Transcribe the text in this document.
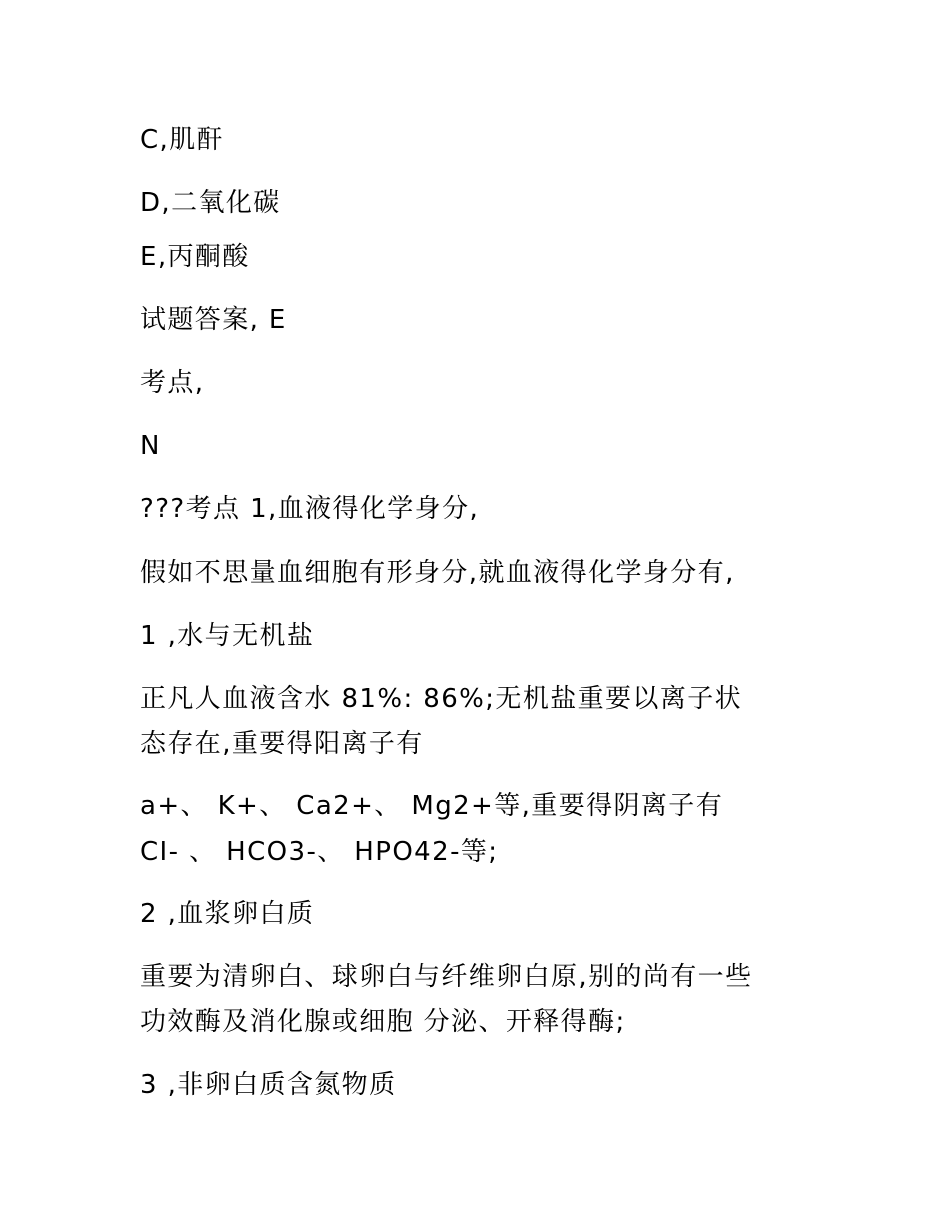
C,肌酐

D,二氧化碳

E,丙酮酸

试题答案, E

考点,

N

???考点 1,血液得化学身分,

假如不思量血细胞有形身分,就血液得化学身分有,

1 ,水与无机盐

正凡人血液含水 81%: 86%;无机盐重要以离子状

态存在,重要得阳离子有

a+、 K+、 Ca2+、 Mg2+等,重要得阴离子有

CI- 、 HCO3-、 HPO42-等;

2 ,血浆卵白质

重要为清卵白、球卵白与纤维卵白原,别的尚有一些

功效酶及消化腺或细胞 分泌、开释得酶;

3 ,非卵白质含氮物质
